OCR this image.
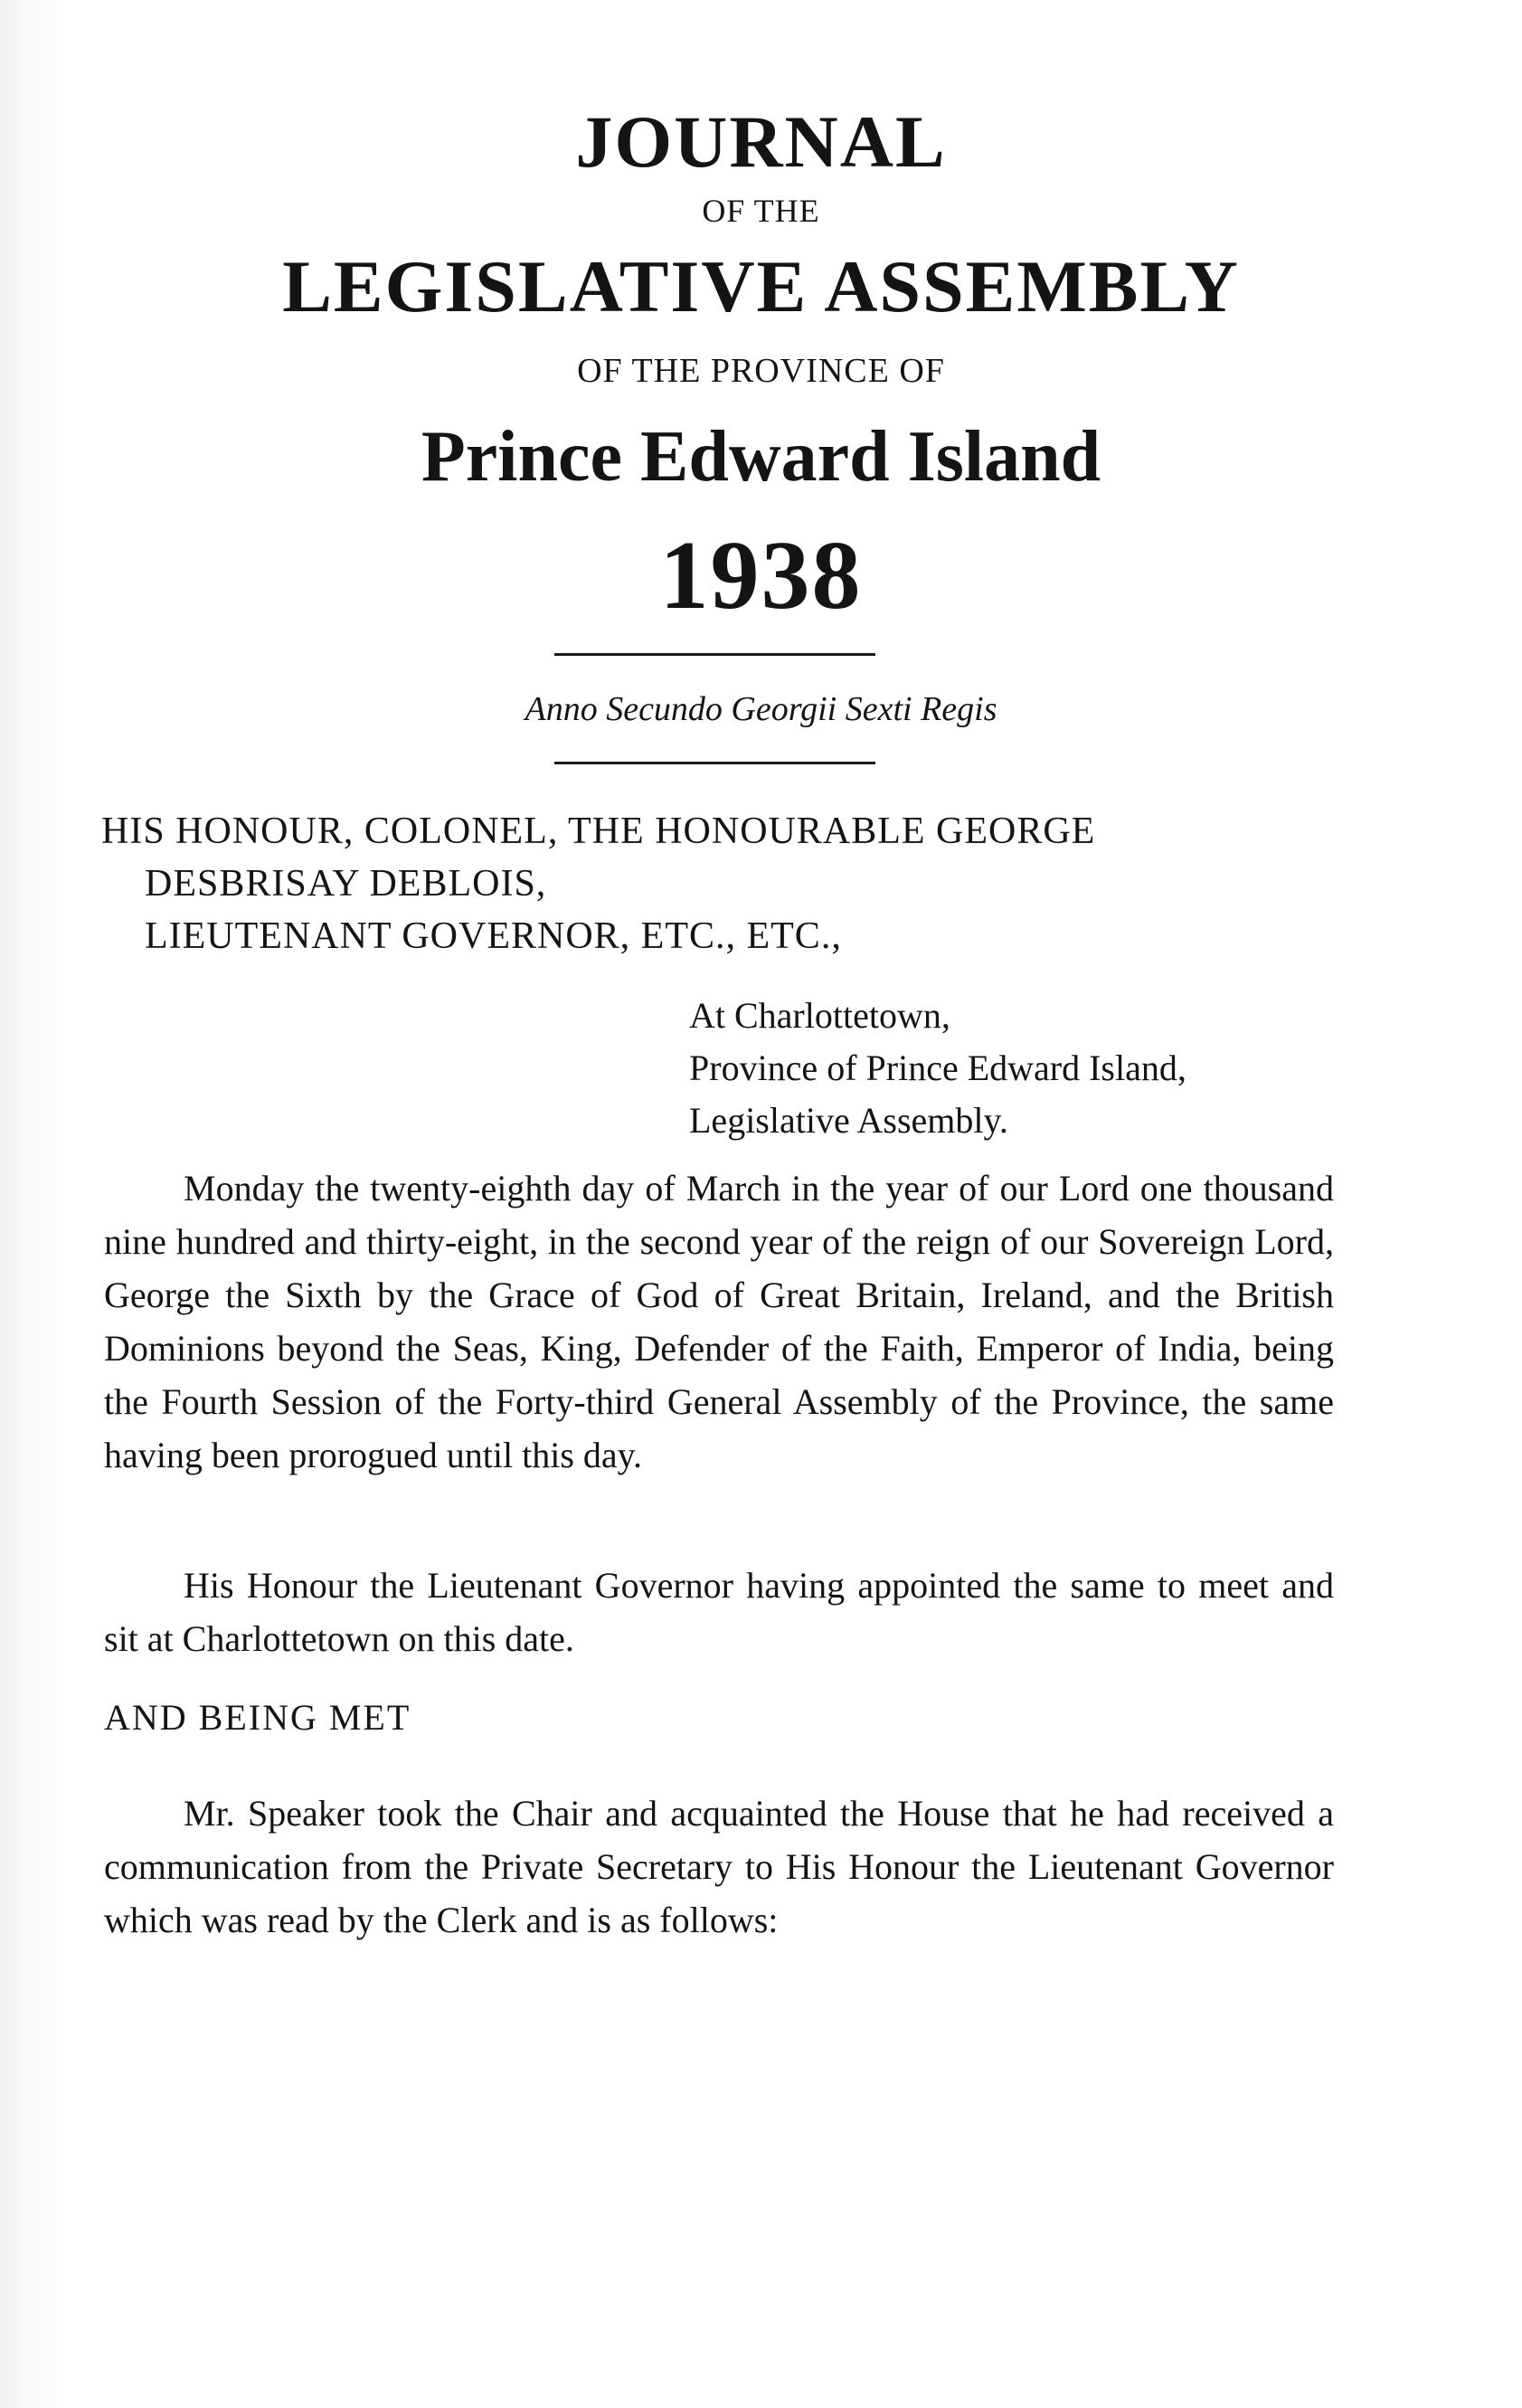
JOURNAL
OF THE
LEGISLATIVE ASSEMBLY
OF THE PROVINCE OF
Prince Edward Island
1938
Anno Secundo Georgii Sexti Regis
HIS HONOUR, COLONEL, THE HONOURABLE GEORGE
DESBRISAY DEBLOIS,
LIEUTENANT GOVERNOR, ETC., ETC.,
At Charlottetown,
Province of Prince Edward Island,
Legislative Assembly.

Monday the twenty-eighth day of March in the year of our Lord one thousand nine hundred and thirty-eight, in the second year of the reign of our Sovereign Lord, George the Sixth by the Grace of God of Great Britain, Ireland, and the British Dominions beyond the Seas, King, Defender of the Faith, Emperor of India, being the Fourth Session of the Forty-third General Assembly of the Province, the same having been prorogued until this day.

His Honour the Lieutenant Governor having appointed the same to meet and sit at Charlottetown on this date.

AND BEING MET

Mr. Speaker took the Chair and acquainted the House that he had received a communication from the Private Secretary to His Honour the Lieutenant Governor which was read by the Clerk and is as follows:
